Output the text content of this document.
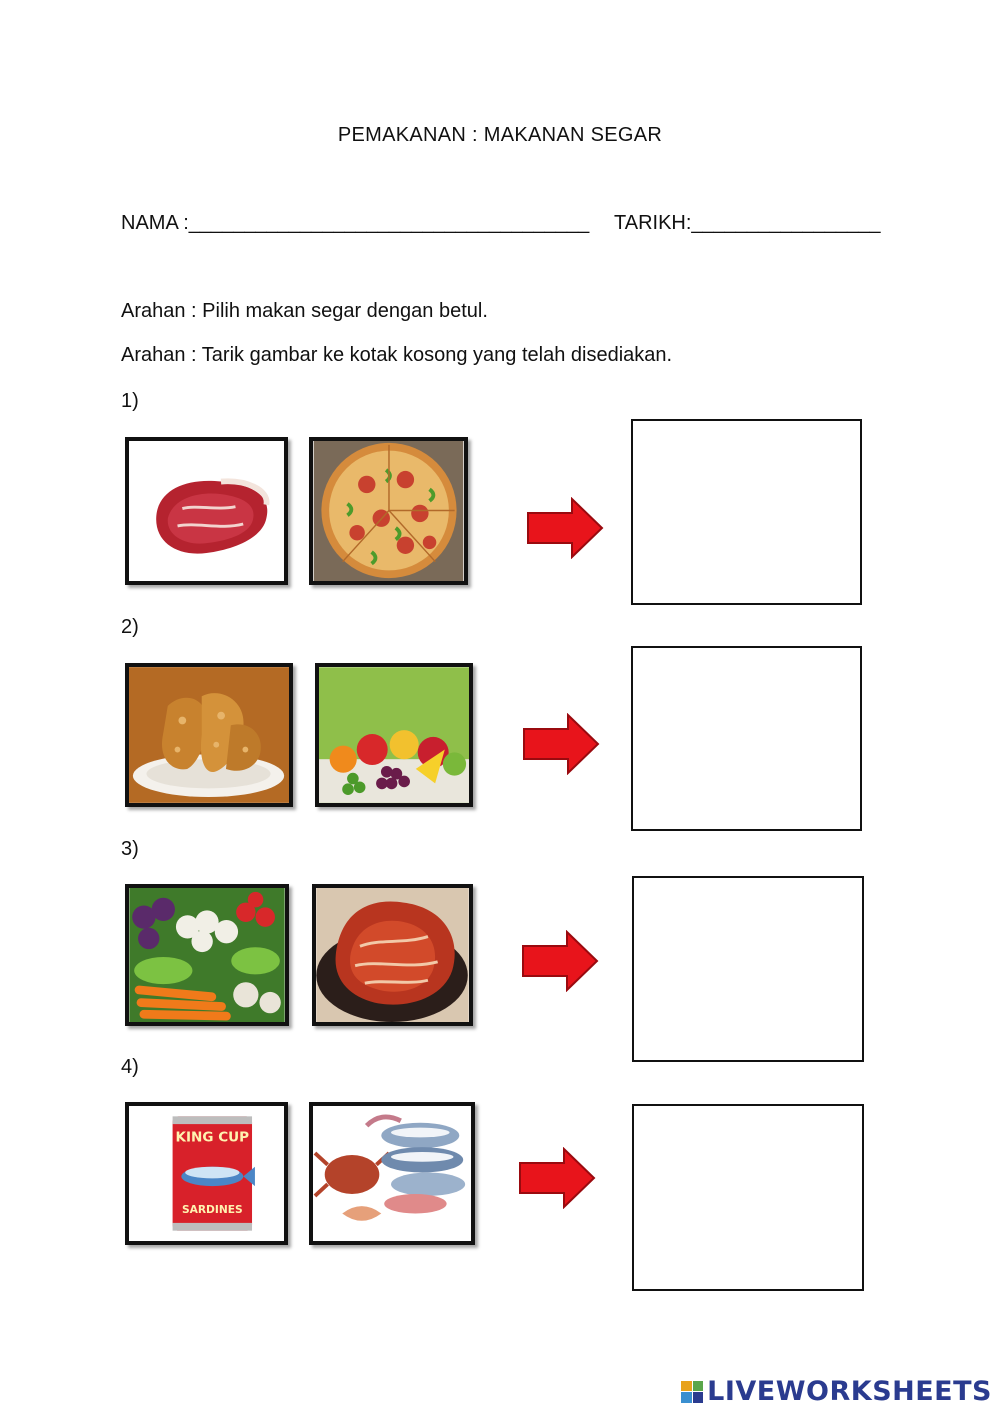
PEMAKANAN : MAKANAN SEGAR
NAMA :____________________________________ TARIKH:_________________
Arahan : Pilih makan segar dengan betul.
Arahan : Tarik gambar ke kotak kosong yang telah disediakan.
1)
2)
3)
4)
KING CUP
SARDINES
LIVEWORKSHEETS
